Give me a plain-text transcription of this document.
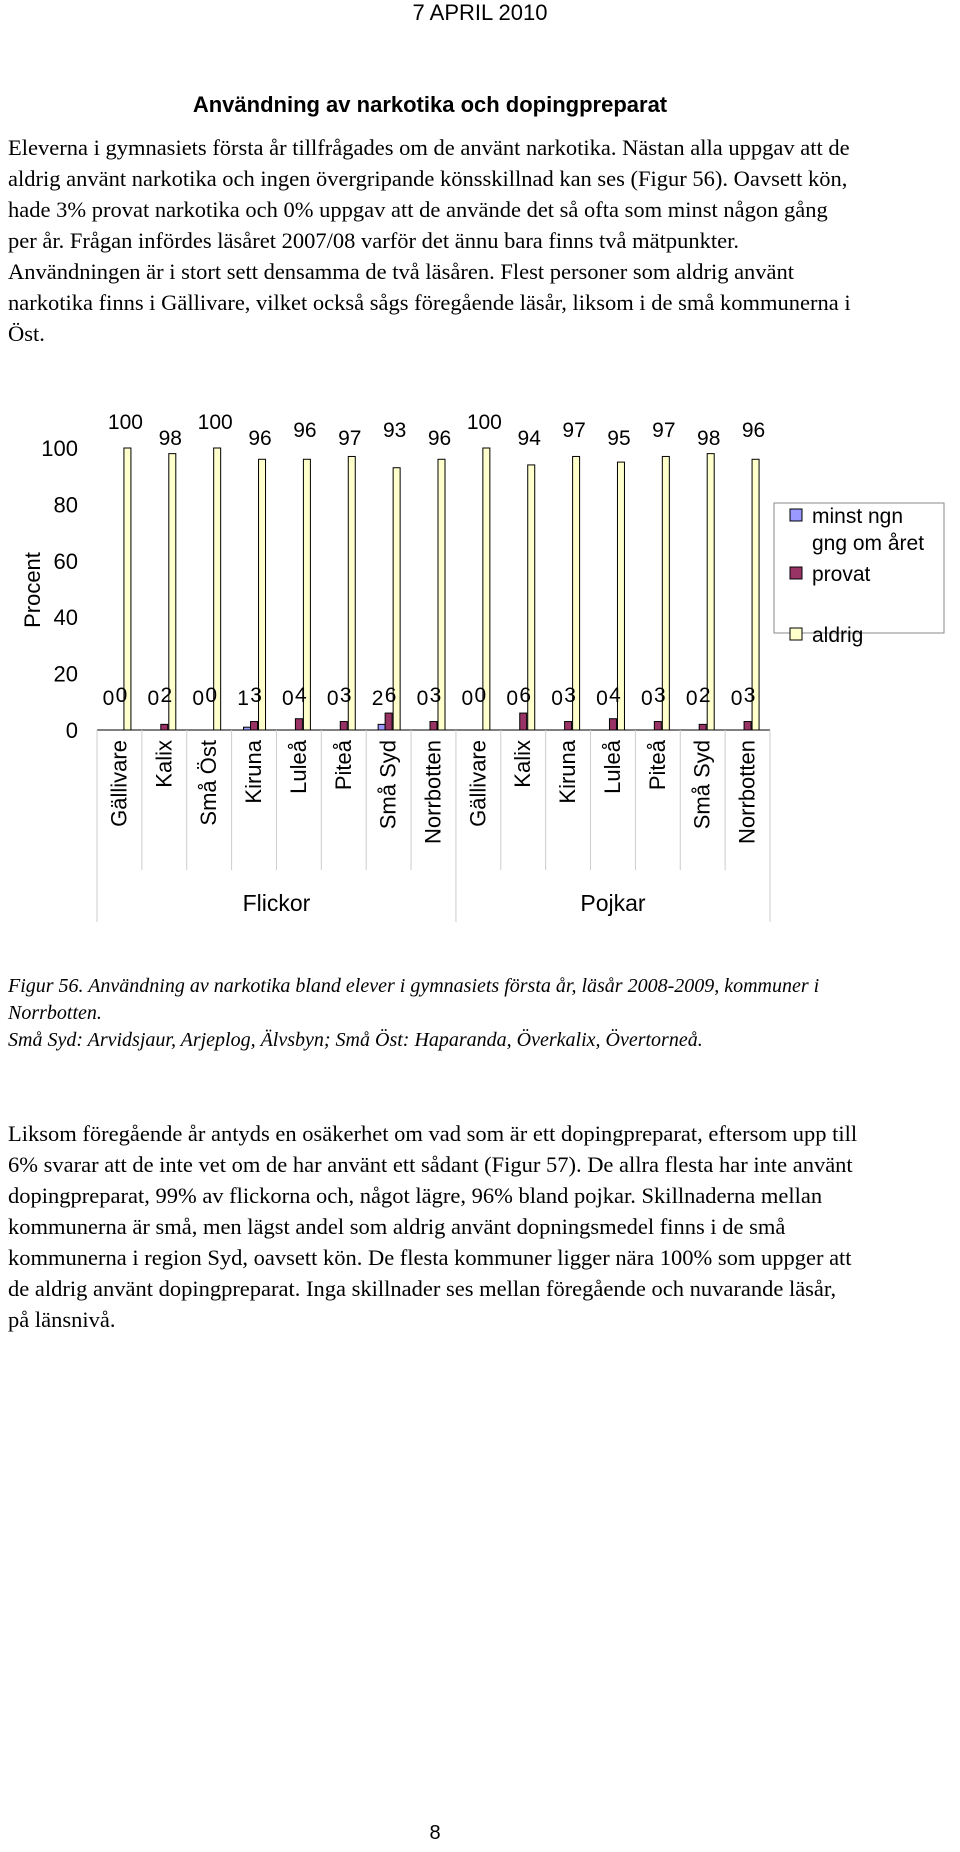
7 APRIL 2010
Användning av narkotika och dopingpreparat

Eleverna i gymnasiets första år tillfrågades om de använt narkotika. Nästan alla uppgav att de aldrig använt narkotika och ingen övergripande könsskillnad kan ses (Figur 56). Oavsett kön, hade 3% provat narkotika och 0% uppgav att de använde det så ofta som minst någon gång per år. Frågan infördes läsåret 2007/08 varför det ännu bara finns två mätpunkter. Användningen är i stort sett densamma de två läsåren. Flest personer som aldrig använt narkotika finns i Gällivare, vilket också sågs föregående läsår, liksom i de små kommunerna i Öst.

0
20
40
60
80
100
Procent
Gällivare Kalix Små Öst Kiruna Luleå Piteå Små Syd Norrbotten Gällivare Kalix Kiruna Luleå Piteå Små Syd Norrbotten
Flickor	Pojkar
0 0
100
0 2
98
0 0
100
1 3
96
0 4
96
0 3
97
2 6
93
0 3
96
0 0
100
0 6
94
0 3
97
0 4
95
0 3
97
0 2
98
0 3
96
minst ngn
gng om året
provat
aldrig

Figur 56. Användning av narkotika bland elever i gymnasiets första år, läsår 2008-2009, kommuner i Norrbotten.

Små Syd: Arvidsjaur, Arjeplog, Älvsbyn; Små Öst: Haparanda, Överkalix, Övertorneå.

Liksom föregående år antyds en osäkerhet om vad som är ett dopingpreparat, eftersom upp till 6% svarar att de inte vet om de har använt ett sådant (Figur 57). De allra flesta har inte använt dopingpreparat, 99% av flickorna och, något lägre, 96% bland pojkar. Skillnaderna mellan kommunerna är små, men lägst andel som aldrig använt dopningsmedel finns i de små kommunerna i region Syd, oavsett kön. De flesta kommuner ligger nära 100% som uppger att de aldrig använt dopingpreparat. Inga skillnader ses mellan föregående och nuvarande läsår, på länsnivå.

8
